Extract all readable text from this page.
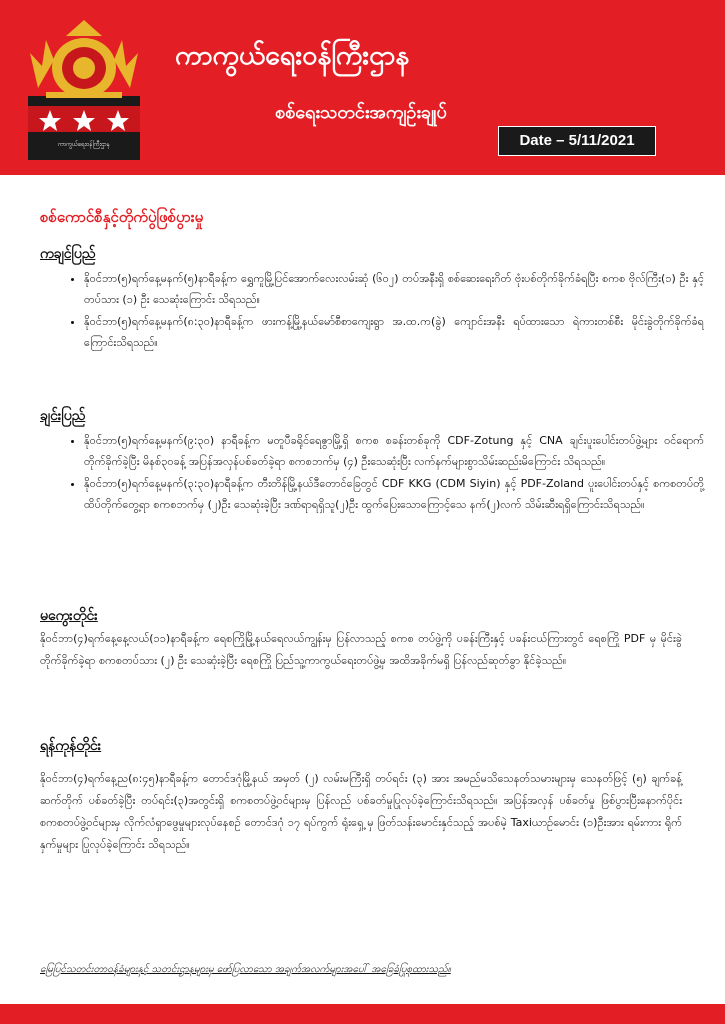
ကာကွယ်ရေးဝန်ကြီးဌာန
ကာကွယ်ရေးဝန်ကြီးဌာန
စစ်ရေးသတင်းအကျဉ်းချုပ်
Date – 5/11/2021
စစ်ကောင်စီနှင့်တိုက်ပွဲဖြစ်ပွားမှု
ကချင်ပြည်
• နိုဝင်ဘာ(၅)ရက်နေ့မနက်(၅)နာရီခန့်က ရွှေကူမြို့ပြင်အောက်လေးလမ်းဆုံ (၆၀၂) တပ်အနီးရှိ စစ်ဆေးရေးဂိတ် ဗုံးပစ်တိုက်ခိုက်ခံရပြီး စကစ ဗိုလ်ကြီး(၁) ဦး နှင့်တပ်သား (၁) ဦး သေဆုံးကြောင်း သိရသည်။
• နိုဝင်ဘာ(၅)ရက်နေ့မနက်(၈:၃၀)နာရီခန့်က ဖားကန့်မြို့နယ်မော်စီစာကျေးရွာ အ.ထ.က(ခွဲ) ကျောင်းအနီး ရပ်ထားသော ရဲကားတစ်စီး မိုင်းခွဲတိုက်ခိုက်ခံရကြောင်းသိရသည်။
ချင်းပြည်
• နိုဝင်ဘာ(၅)ရက်နေ့မနက်(၉:၃၀) နာရီခန့်က မတူပီခရိုင်ရေဇွာမြို့ရှိ စကစ စခန်းတစ်ခုကို CDF-Zotung နှင့် CNA ချင်းပူးပေါင်းတပ်ဖွဲ့များ ဝင်ရောက်တိုက်ခိုက်ခဲ့ပြီး မိနစ်၃၀ခန့် အပြန်အလှန်ပစ်ခတ်ခဲ့ရာ စကစဘက်မှ (၄) ဦးသေဆုံးပြီး လက်နက်များစွာသိမ်းဆည်းမိကြောင်း သိရသည်။
• နိုဝင်ဘာ(၅)ရက်နေ့မနက်(၃:၃၀)နာရီခန့်က တီးတိန်မြို့နယ်ဒီတောင်ခြေတွင် CDF KKG (CDM Siyin) နှင့် PDF-Zoland ပူးပေါင်းတပ်နှင့် စကစတပ်တို့ ထိပ်တိုက်တွေ့ရာ စကစဘက်မှ (၂)ဦး သေဆုံးခဲ့ပြီး ဒဏ်ရာရရှိသူ(၂)ဦး ထွက်ပြေးသောကြောင့်သေ နက်(၂)လက် သိမ်းဆီးရရှိကြောင်းသိရသည်။
မကွေးတိုင်း

နိုဝင်ဘာ(၄)ရက်နေ့နေ့လယ်(၁၁)နာရီခန့်က ရေစကြိုမြို့နယ်ရေလယ်ကျွန်းမှ ပြန်လာသည့် စကစ တပ်ဖွဲ့ကို ပခန်းကြီးနှင့် ပခန်းငယ်ကြားတွင် ရေစကြို PDF မှ မိုင်းခွဲတိုက်ခိုက်ခဲ့ရာ စကစတပ်သား (၂) ဦး သေဆုံးခဲ့ပြီး ရေစကြို ပြည်သူ့ကာကွယ်ရေးတပ်ဖွဲ့မှ အထိအခိုက်မရှိ ပြန်လည်ဆုတ်ခွာ နိုင်ခဲ့သည်။

ရန်ကုန်တိုင်း

နိုဝင်ဘာ(၄)ရက်နေ့ည(၈:၄၅)နာရီခန့်က တောင်ဒဂုံမြို့နယ် အမှတ် (၂) လမ်းမကြီးရှိ တပ်ရင်း (၃) အား အမည်မသိသေနတ်သမားများမှ သေနတ်ဖြင့် (၅) ချက်ခန့် ဆက်တိုက် ပစ်ခတ်ခဲ့ပြီး တပ်ရင်း(၃)အတွင်းရှိ စကစတပ်ဖွဲ့ဝင်များမှ ပြန်လည် ပစ်ခတ်မှုပြုလုပ်ခဲ့ကြောင်းသိရသည်။ အပြန်အလှန် ပစ်ခတ်မှု ဖြစ်ပွားပြီးနောက်ပိုင်း စကစတပ်ဖွဲ့ဝင်များမှ လိုက်လံရှာဖွေမှုများလုပ်နေစဉ် တောင်ဒဂုံ ၁၇ ရပ်ကွက် ရုံးရှေ့ မှ ဖြတ်သန်းမောင်းနှင်သည့် အပစ်မဲ့ Taxiယာဉ်မောင်း (၁)ဦးအား ရမ်းကား ရိုက်နှက်မှုများ ပြုလုပ်ခဲ့ကြောင်း သိရသည်။

မြေပြင်သတင်းတာဝန်ခံများနှင့် သတင်းဌာနများမှ ဖော်ပြလာသော အချက်အလက်များအပေါ် အခြေခံပြုစုထားသည်။
